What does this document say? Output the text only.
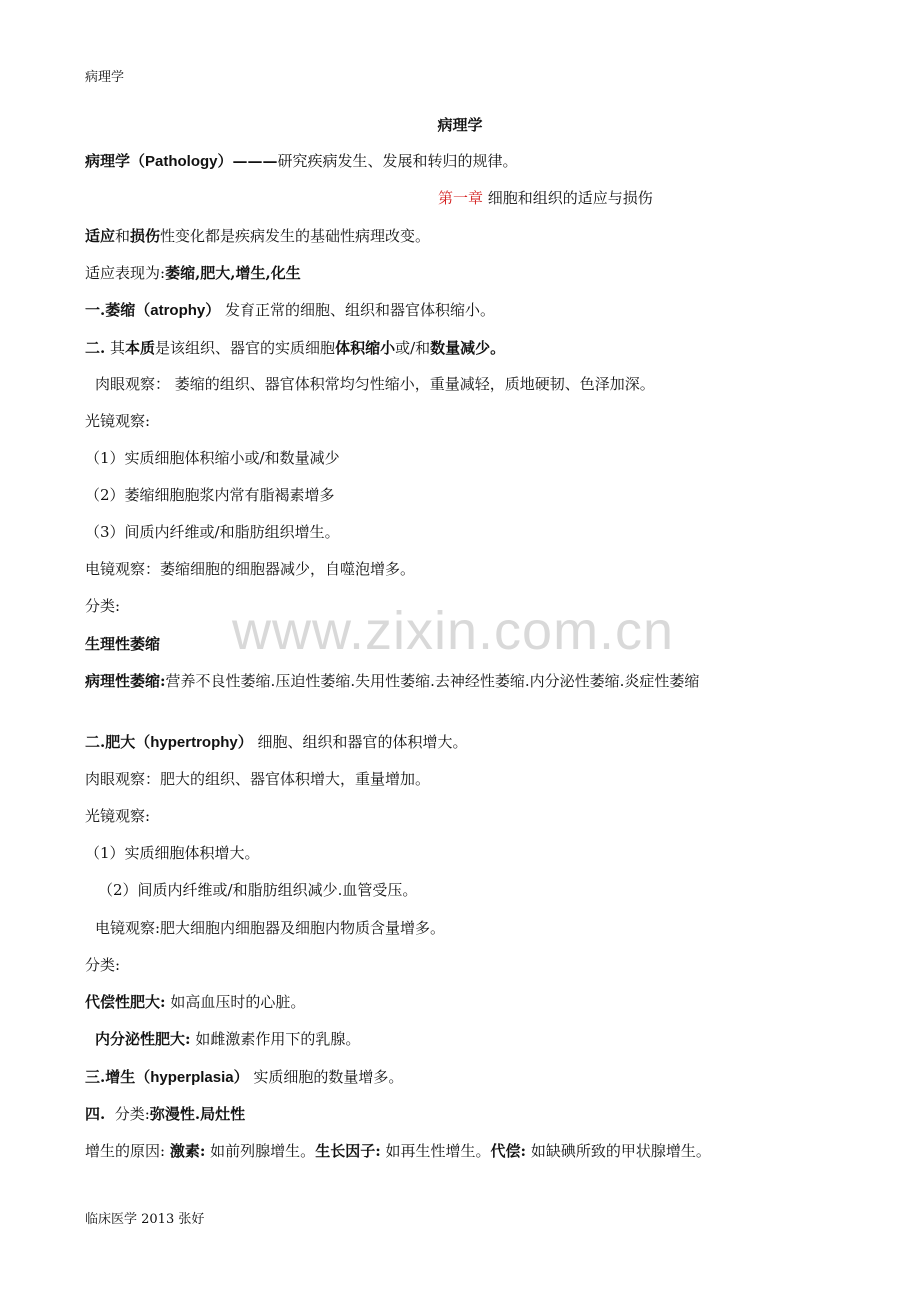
病理学
病理学
病理学（Pathology）———研究疾病发生、发展和转归的规律。
第一章 细胞和组织的适应与损伤
适应和损伤性变化都是疾病发生的基础性病理改变。
适应表现为:萎缩,肥大,增生,化生
一.萎缩（atrophy） 发育正常的细胞、组织和器官体积缩小。
二. 其本质是该组织、器官的实质细胞体积缩小或/和数量减少。
肉眼观察： 萎缩的组织、器官体积常均匀性缩小，重量减轻，质地硬韧、色泽加深。
光镜观察:
（1）实质细胞体积缩小或/和数量减少
（2）萎缩细胞胞浆内常有脂褐素增多
（3）间质内纤维或/和脂肪组织增生。
电镜观察：萎缩细胞的细胞器减少，自噬泡增多。
分类:
生理性萎缩
病理性萎缩:营养不良性萎缩.压迫性萎缩.失用性萎缩.去神经性萎缩.内分泌性萎缩.炎症性萎缩
二.肥大（hypertrophy） 细胞、组织和器官的体积增大。
肉眼观察：肥大的组织、器官体积增大，重量增加。
光镜观察:
（1）实质细胞体积增大。
（2）间质内纤维或/和脂肪组织减少.血管受压。
电镜观察:肥大细胞内细胞器及细胞内物质含量增多。
分类:
代偿性肥大: 如高血压时的心脏。
内分泌性肥大: 如雌激素作用下的乳腺。
三.增生（hyperplasia） 实质细胞的数量增多。
四. 分类:弥漫性.局灶性
增生的原因: 激素: 如前列腺增生。生长因子: 如再生性增生。代偿: 如缺碘所致的甲状腺增生。
www.zixin.com.cn
临床医学 2013 张好
